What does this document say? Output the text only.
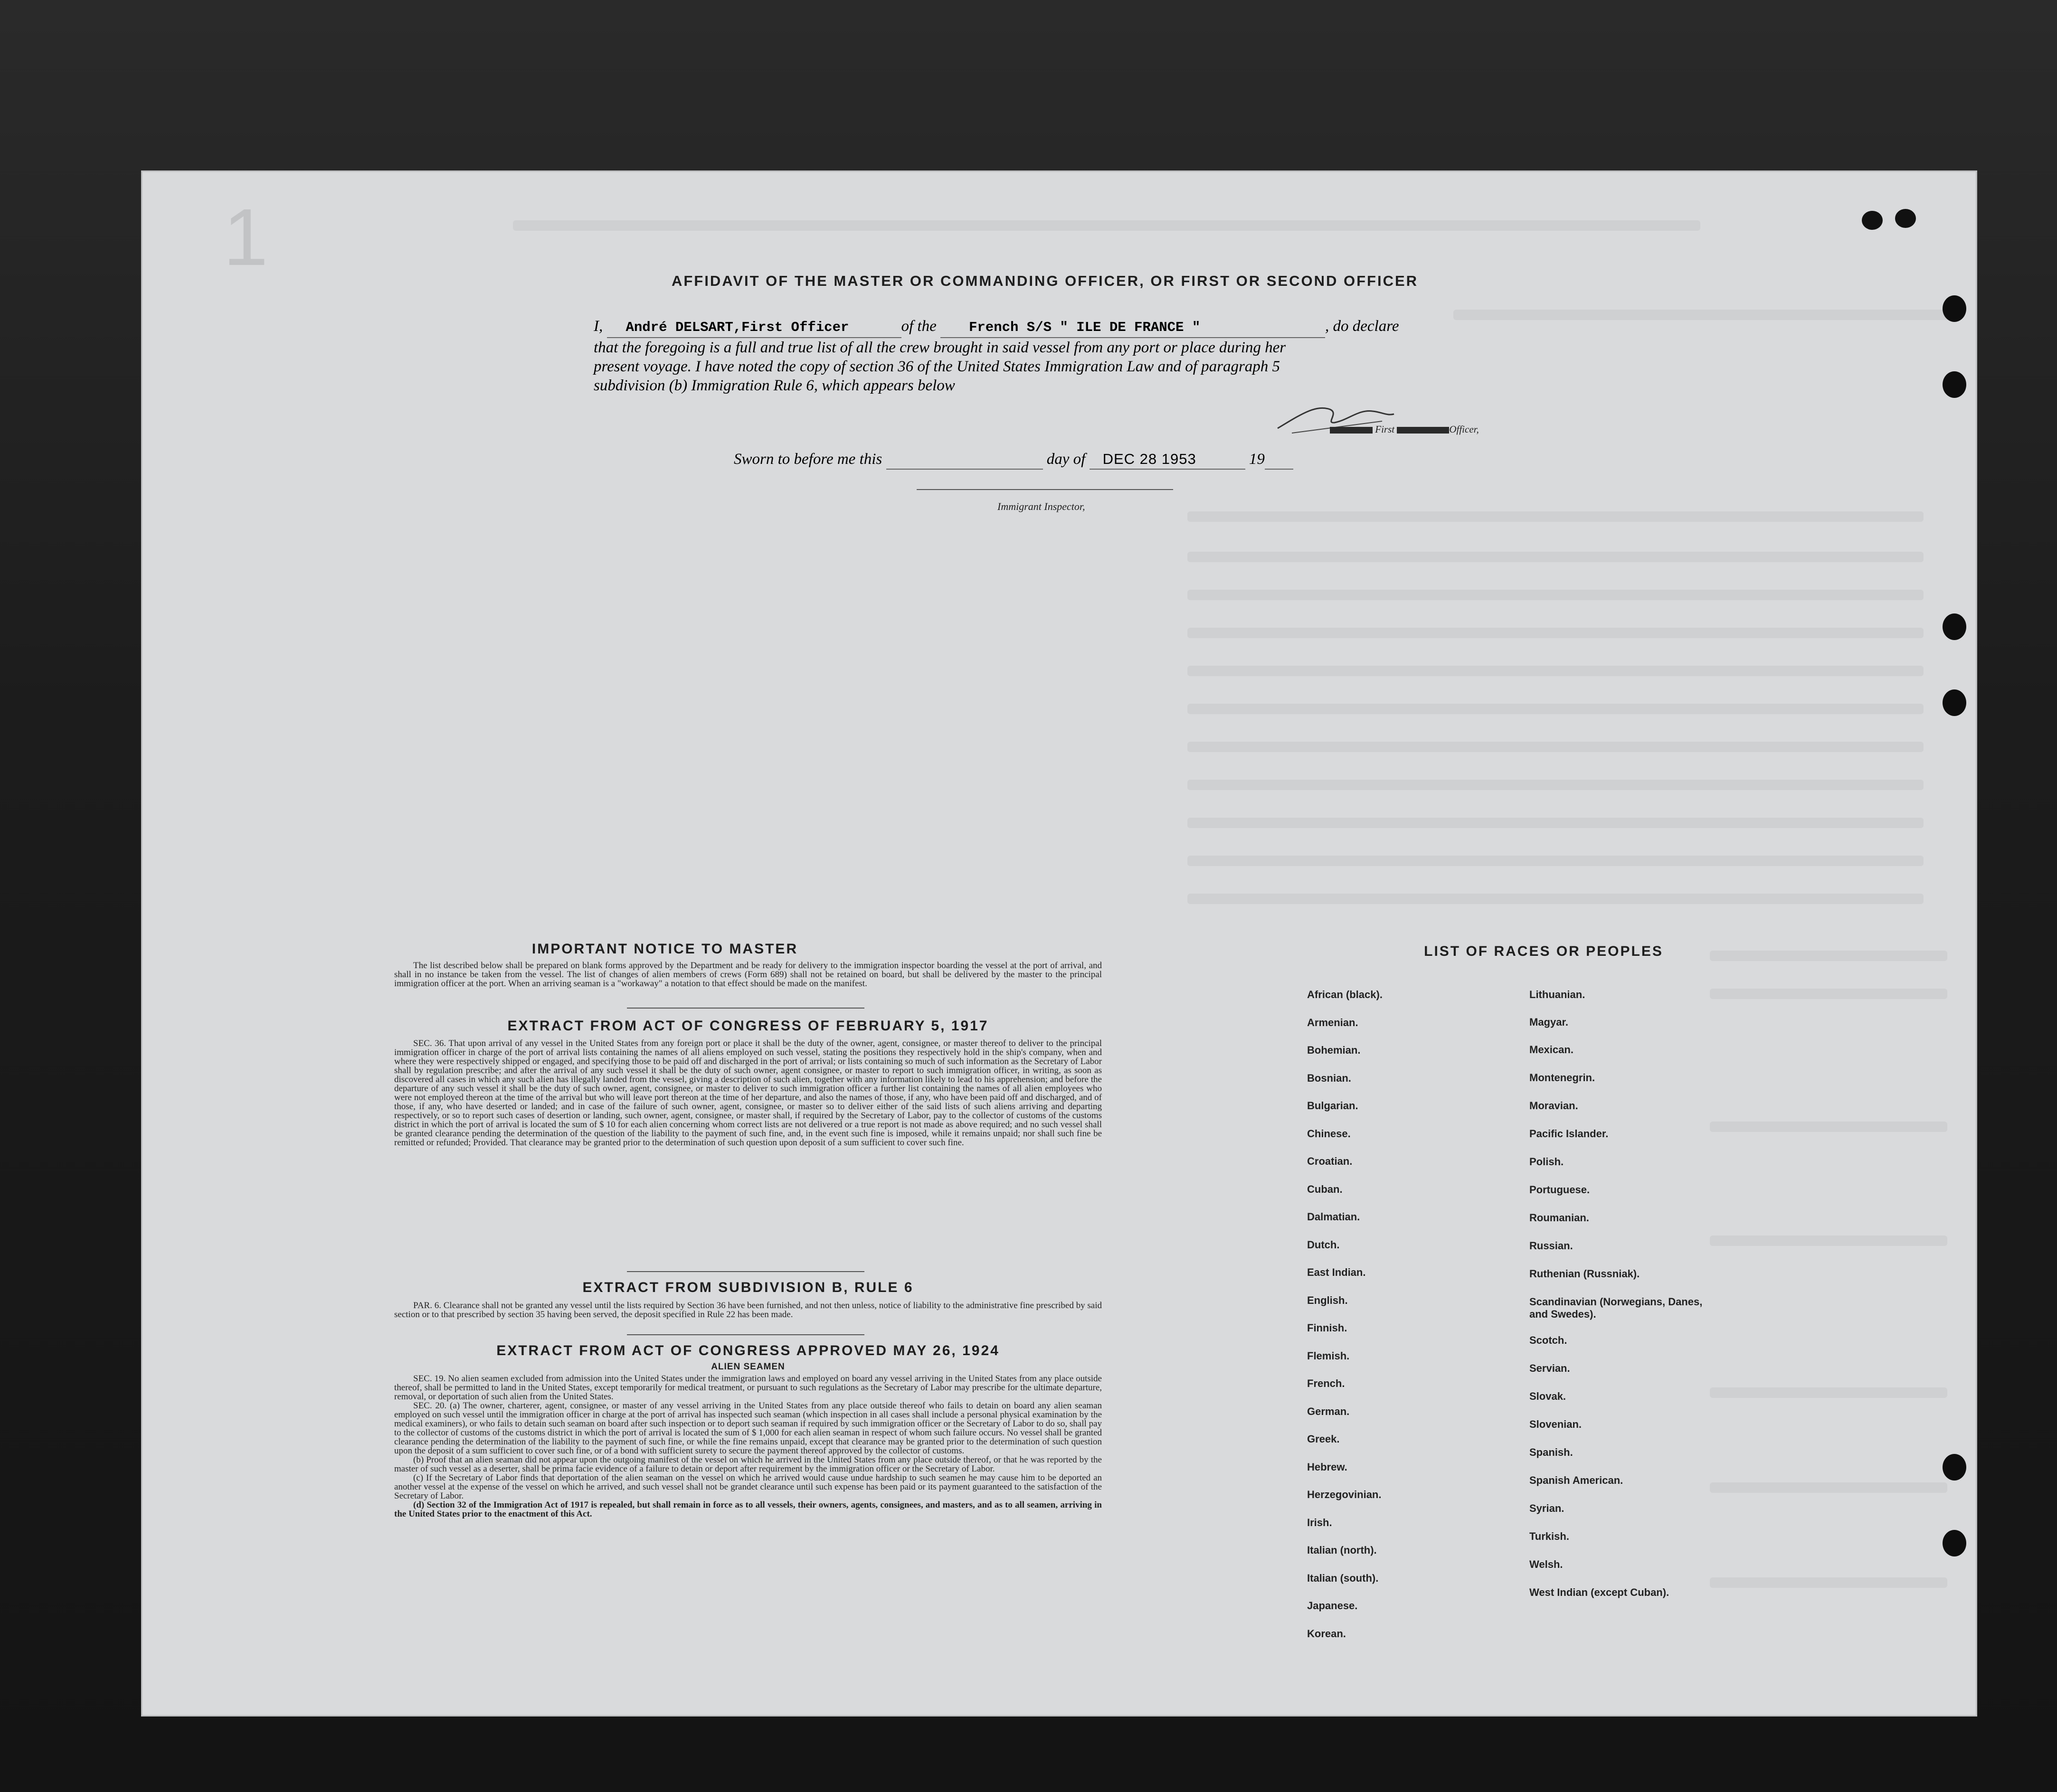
1	AFFIDAVIT OF THE MASTER OR COMMANDING OFFICER, OR FIRST OR SECOND OFFICER
I, André DELSART,First Officer	of the French S/S " ILE DE FRANCE "	, do declare
that the foregoing is a full and true list of all the crew brought in said vessel from any port or place during her
present voyage. I have noted the copy of section 36 of the United States Immigration Law and of paragraph 5
subdivision (b) Immigration Rule 6, which appears below
First	Officer,
Sworn to before me this	day of DEC 28 1953	19
Immigrant Inspector,
IMPORTANT NOTICE TO MASTER
The list described below shall be prepared on blank forms approved by the Department and be ready for delivery to the immigration inspector boarding the vessel at the port of arrival, and shall in no instance be taken from the vessel. The list of changes of alien members of crews (Form 689) shall not be retained on board, but shall be delivered by the master to the principal immigration officer at the port. When an arriving seaman is a "workaway" a notation to that effect should be made on the manifest.
EXTRACT FROM ACT OF CONGRESS OF FEBRUARY 5, 1917
SEC. 36. That upon arrival of any vessel in the United States from any foreign port or place it shall be the duty of the owner, agent, consignee, or master thereof to deliver to the principal immigration officer in charge of the port of arrival lists containing the names of all aliens employed on such vessel, stating the positions they respectively hold in the ship's company, when and where they were respectively shipped or engaged, and specifying those to be paid off and discharged in the port of arrival; or lists containing so much of such information as the Secretary of Labor shall by regulation prescribe; and after the arrival of any such vessel it shall be the duty of such owner, agent consignee, or master to report to such immigration officer, in writing, as soon as discovered all cases in which any such alien has illegally landed from the vessel, giving a description of such alien, together with any information likely to lead to his apprehension; and before the departure of any such vessel it shall be the duty of such owner, agent, consignee, or master to deliver to such immigration officer a further list containing the names of all alien employees who were not employed thereon at the time of the arrival but who will leave port thereon at the time of her departure, and also the names of those, if any, who have been paid off and discharged, and of those, if any, who have deserted or landed; and in case of the failure of such owner, agent, consignee, or master so to deliver either of the said lists of such aliens arriving and departing respectively, or so to report such cases of desertion or landing, such owner, agent, consignee, or master shall, if required by the Secretary of Labor, pay to the collector of customs of the customs district in which the port of arrival is located the sum of $ 10 for each alien concerning whom correct lists are not delivered or a true report is not made as above required; and no such vessel shall be granted clearance pending the determination of the question of the liability to the payment of such fine, and, in the event such fine is imposed, while it remains unpaid; nor shall such fine be remitted or refunded; Provided. That clearance may be granted prior to the determination of such question upon deposit of a sum sufficient to cover such fine.
EXTRACT FROM SUBDIVISION B, RULE 6
PAR. 6. Clearance shall not be granted any vessel until the lists required by Section 36 have been furnished, and not then unless, notice of liability to the administrative fine prescribed by said section or to that prescribed by section 35 having been served, the deposit specified in Rule 22 has been made.
EXTRACT FROM ACT OF CONGRESS APPROVED MAY 26, 1924
ALIEN SEAMEN
SEC. 19. No alien seamen excluded from admission into the United States under the immigration laws and employed on board any vessel arriving in the United States from any place outside thereof, shall be permitted to land in the United States, except temporarily for medical treatment, or pursuant to such regulations as the Secretary of Labor may prescribe for the ultimate departure, removal, or deportation of such alien from the United States.
SEC. 20. (a) The owner, charterer, agent, consignee, or master of any vessel arriving in the United States from any place outside thereof who fails to detain on board any alien seaman employed on such vessel until the immigration officer in charge at the port of arrival has inspected such seaman (which inspection in all cases shall include a personal physical examination by the medical examiners), or who fails to detain such seaman on board after such inspection or to deport such seaman if required by such immigration officer or the Secretary of Labor to do so, shall pay to the collector of customs of the customs district in which the port of arrival is located the sum of $ 1,000 for each alien seaman in respect of whom such failure occurs. No vessel shall be granted clearance pending the determination of the liability to the payment of such fine, or while the fine remains unpaid, except that clearance may be granted prior to the determination of such question upon the deposit of a sum sufficient to cover such fine, or of a bond with sufficient surety to secure the payment thereof approved by the collector of customs.
(b) Proof that an alien seaman did not appear upon the outgoing manifest of the vessel on which he arrived in the United States from any place outside thereof, or that he was reported by the master of such vessel as a deserter, shall be prima facie evidence of a failure to detain or deport after requirement by the immigration officer or the Secretary of Labor.
(c) If the Secretary of Labor finds that deportation of the alien seaman on the vessel on which he arrived would cause undue hardship to such seamen he may cause him to be deported an another vessel at the expense of the vessel on which he arrived, and such vessel shall not be grandet clearance until such expense has been paid or its payment guaranteed to the satisfaction of the Secretary of Labor.
(d) Section 32 of the Immigration Act of 1917 is repealed, but shall remain in force as to all vessels, their owners, agents, consignees, and masters, and as to all seamen, arriving in the United States prior to the enactment of this Act.
LIST OF RACES OR PEOPLES
African (black).
Armenian.
Bohemian.
Bosnian.
Bulgarian.
Chinese.
Croatian.
Cuban.
Dalmatian.
Dutch.
East Indian.
English.
Finnish.
Flemish.
French.
German.
Greek.
Hebrew.
Herzegovinian.
Irish.
Italian (north).
Italian (south).
Japanese.
Korean.
Lithuanian.
Magyar.
Mexican.
Montenegrin.
Moravian.
Pacific Islander.
Polish.
Portuguese.
Roumanian.
Russian.
Ruthenian (Russniak).
Scandinavian (Norwegians, Danes, and Swedes).
Scotch.
Servian.
Slovak.
Slovenian.
Spanish.
Spanish American.
Syrian.
Turkish.
Welsh.
West Indian (except Cuban).
